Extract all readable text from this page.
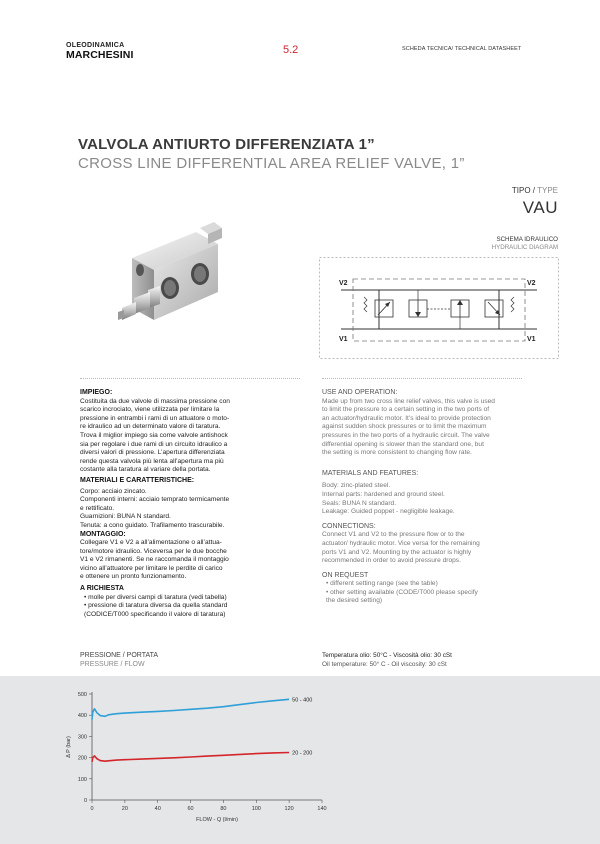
OLEODINAMICA
MARCHESINI	5.2	SCHEDA TECNICA/ TECHNICAL DATASHEET
VALVOLA ANTIURTO DIFFERENZIATA 1”
CROSS LINE DIFFERENTIAL AREA RELIEF VALVE, 1”
TIPO / TYPE
VAU
SCHEMA IDRAULICO
HYDRAULIC DIAGRAM
V2	V2
V1	V1
IMPIEGO:
Costituita da due valvole di massima pressione con
scarico incrociato, viene utilizzata per limitare la
pressione in entrambi i rami di un attuatore o moto-
re idraulico ad un determinato valore di taratura.
Trova il miglior impiego sia come valvole antishock
sia per regolare i due rami di un circuito idraulico a
diversi valori di pressione. L’apertura differenziata
rende questa valvola più lenta all’apertura ma più
costante alla taratura al variare della portata.
MATERIALI E CARATTERISTICHE:
Corpo: acciaio zincato.
Componenti interni: acciaio temprato termicamente
e rettificato.
Guarnizioni: BUNA N standard.
Tenuta: a cono guidato. Trafilamento trascurabile.
MONTAGGIO:
Collegare V1 e V2 a all’alimentazione o all’attua-
tore/motore idraulico. Viceversa per le due bocche
V1 e V2 rimanenti. Se ne raccomanda il montaggio
vicino all’attuatore per limitare le perdite di carico
e ottenere un pronto funzionamento.
A RICHIESTA
• molle per diversi campi di taratura (vedi tabella)
• pressione di taratura diversa da quella standard
(CODICE/T000 specificando il valore di taratura)
USE AND OPERATION:
Made up from two cross line relief valves, this valve is used
to limit the pressure to a certain setting in the two ports of
an actuator/hydraulic motor. It’s ideal to provide protection
against sudden shock pressures or to limit the maximum
pressures in the two ports of a hydraulic circuit. The valve
differential opening is slower than the standard one, but
the setting is more consistent to changing flow rate.
MATERIALS AND FEATURES:
Body: zinc-plated steel.
Internal parts: hardened and ground steel.
Seals: BUNA N standard.
Leakage: Guided poppet - negligible leakage.
CONNECTIONS:
Connect V1 and V2 to the pressure flow or to the
actuator/ hydraulic motor. Vice versa for the remaining
ports V1 and V2. Mounting by the actuator is highly
recommended in order to avoid pressure drops.
ON REQUEST
• different setting range (see the table)
• other setting available (CODE/T000 please specify
the desired setting)
PRESSIONE / PORTATA
PRESSURE / FLOW
Temperatura olio: 50°C - Viscosità olio: 30 cSt
Oil temperature: 50° C - Oil viscosity: 30 cSt
0	20	40	60	80	100	120	140
0
100
200
300
400
500
FLOW - Q (l/min)
Δ P (bar)
50 - 400
20 - 200
